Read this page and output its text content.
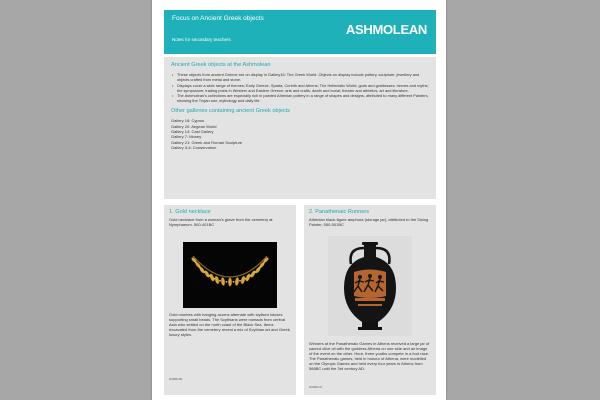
Focus on Ancient Greek objects
Notes for secondary teachers
ASHMOLEAN
Ancient Greek objects at the Ashmolean
• These objects from ancient Greece are on display in Gallery16: The Greek World. Objects on display include pottery, sculpture, jewellery and objects crafted from metal and stone.
• Displays cover a wide range of themes; Early Greece, Sparta, Corinth and Athens; The Hellenistic World; gods and goddesses; heroes and myths; the symposium; trading posts in Western and Eastern Greece; arts and crafts; death and burial; theatre and athletics; art and literature.
• The Ashmolean’s collections are especially rich in painted Athenian pottery in a range of shapes and designs, attributed to many different Painters, showing the Trojan war, mythology and daily life.
Other galleries containing ancient Greek objects
Gallery 18: Cyprus
Gallery 20: Aegean World
Gallery 14: Cast Gallery
Gallery 7: Money
Gallery 21: Greek and Roman Sculpture
Gallery 3-4: Conservation
1. Gold necklace
Gold necklace from a woman’s grave from the cemetery at Nymphaeum, 500-401BC
Gold rosettes with hanging acorns alternate with stylised lotuses supporting small beads. The Scythians were nomads from central Asia who settled on the north coast of the Black Sea. Items excavated from the cemetery reveal a mix of Scythian art and Greek luxury styles.
AN1885.482
2. Panathenaic Runners
Athenian black-figure amphora (storage jar), attributed to the Swing Painter, 550-501BC
Winners at the Panathenaic Games in Athens received a large jar of sacred olive oil with the goddess Athena on one side and an image of the event on the other. Here, three youths compete in a foot race. The Panathenaic games, held in honour of Athena, were modelled on the Olympic Games and held every four years in Athens from 566BC until the 3rd century AD.
AN1965.117
